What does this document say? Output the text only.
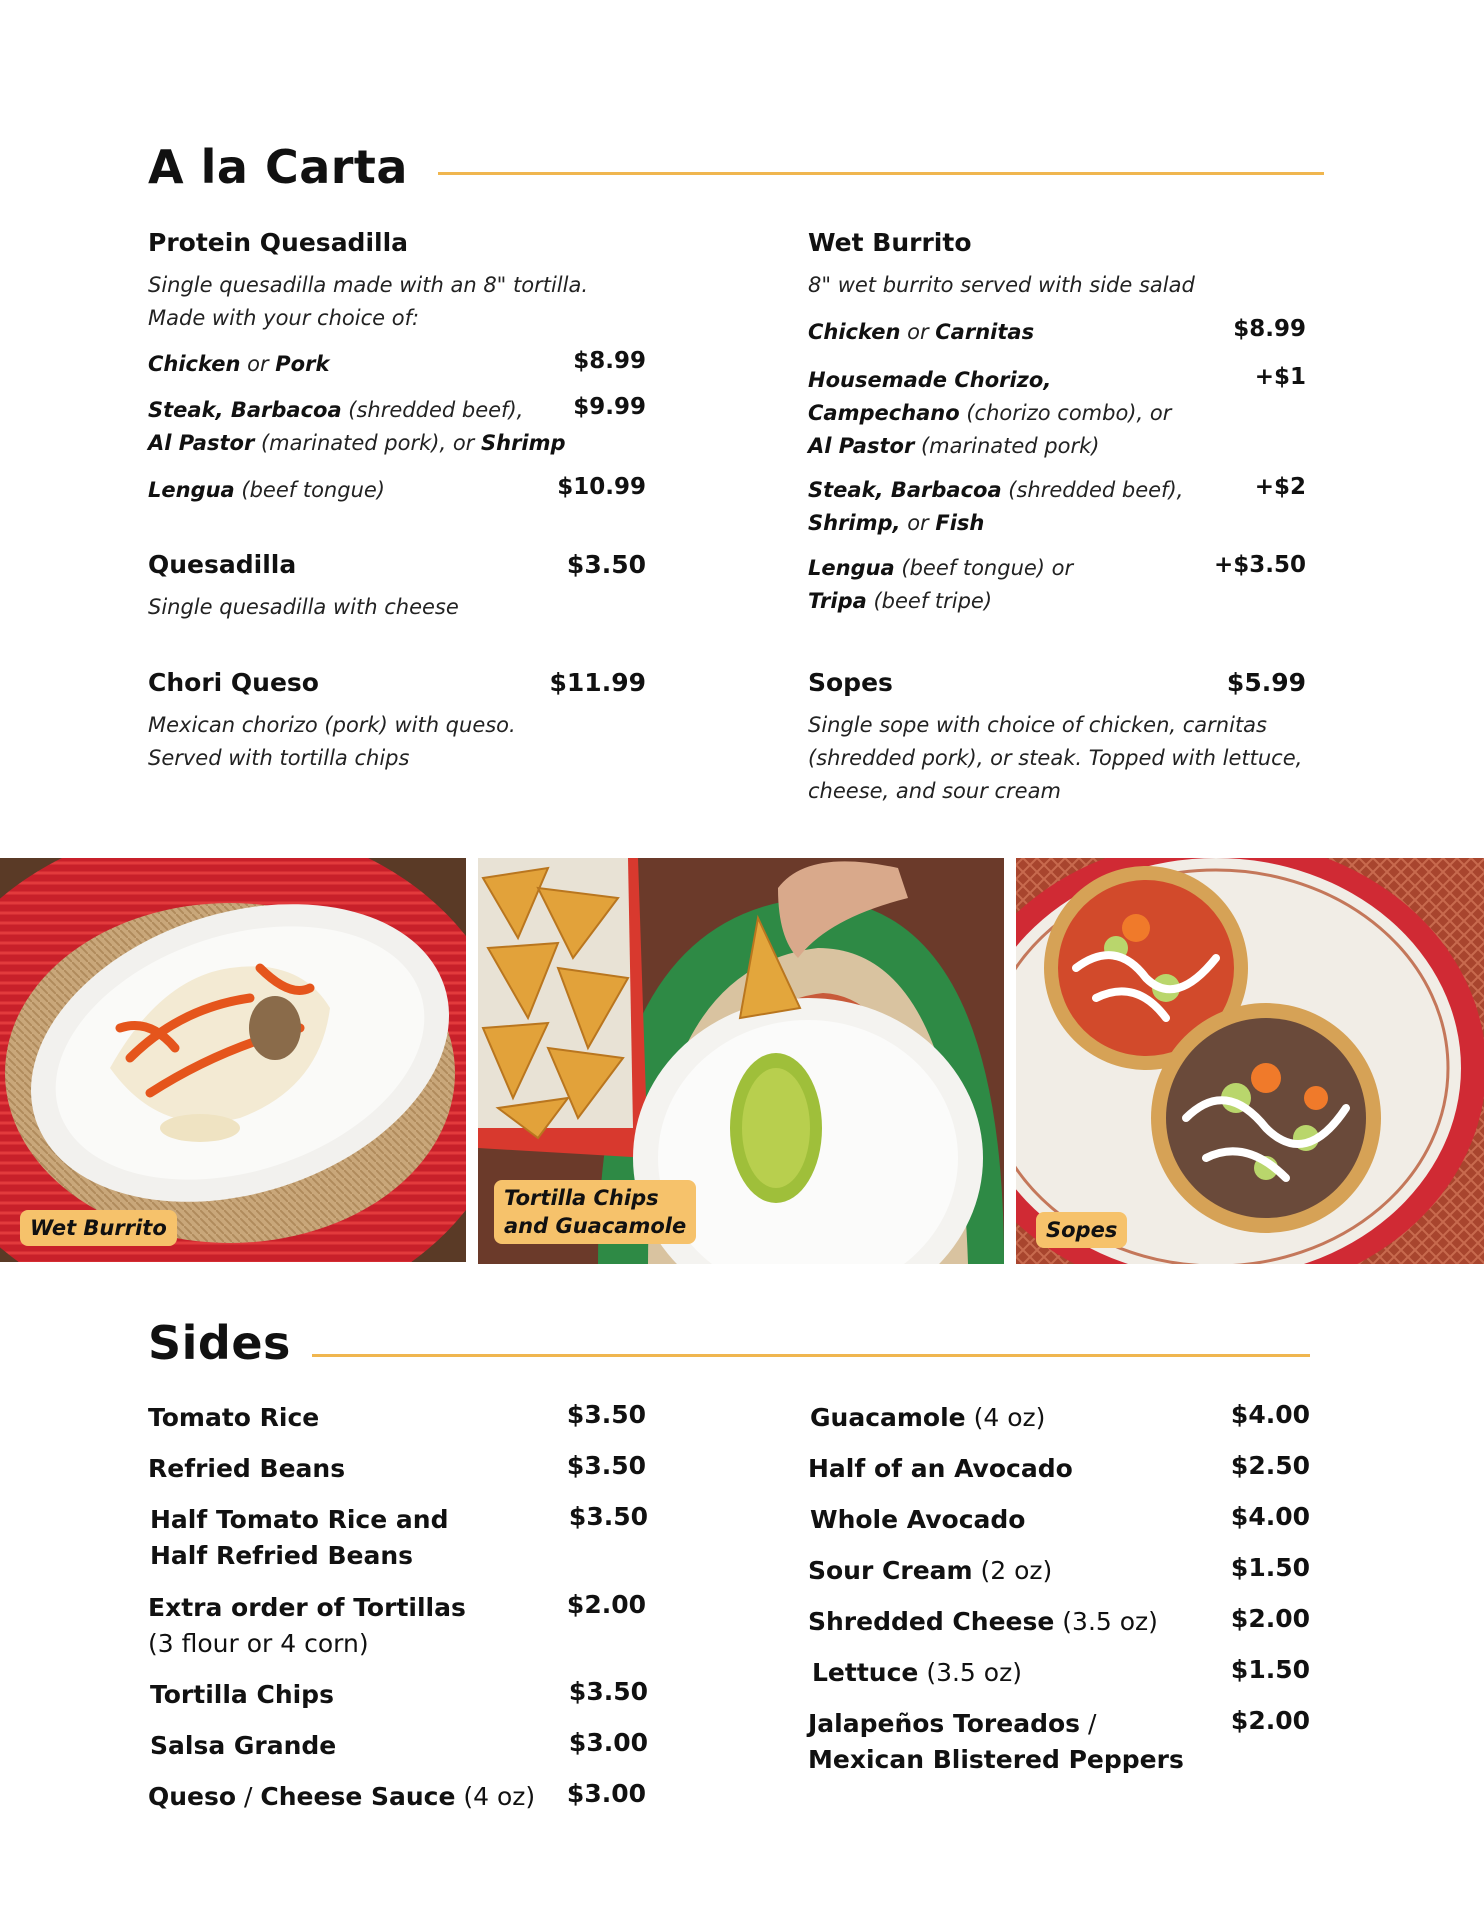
A la Carta
Protein Quesadilla
Single quesadilla made with an 8" tortilla.
Made with your choice of:
Chicken or Pork	$8.99
Steak, Barbacoa (shredded beef),
Al Pastor (marinated pork), or Shrimp
$9.99
Lengua (beef tongue)	$10.99
Quesadilla	$3.50
Single quesadilla with cheese
Chori Queso	$11.99
Mexican chorizo (pork) with queso.
Served with tortilla chips
Wet Burrito
8" wet burrito served with side salad
Chicken or Carnitas	$8.99
Housemade Chorizo,
Campechano (chorizo combo), or
Al Pastor (marinated pork)
+$1
Steak, Barbacoa (shredded beef),
Shrimp, or Fish
+$2
Lengua (beef tongue) or
Tripa (beef tripe)
+$3.50
Sopes	$5.99
Single sope with choice of chicken, carnitas
(shredded pork), or steak. Topped with lettuce,
cheese, and sour cream
Wet Burrito
Tortilla Chips
and Guacamole	Sopes
Sides
Tomato Rice	$3.50
Refried Beans	$3.50
Half Tomato Rice and
Half Refried Beans
$3.50
Extra order of Tortillas
(3 flour or 4 corn)
$2.00
Tortilla Chips	$3.50
Salsa Grande	$3.00
Queso / Cheese Sauce (4 oz)	$3.00
Guacamole (4 oz)	$4.00
Half of an Avocado	$2.50
Whole Avocado	$4.00
Sour Cream (2 oz)	$1.50
Shredded Cheese (3.5 oz)	$2.00
Lettuce (3.5 oz)	$1.50
Jalapeños Toreados /
Mexican Blistered Peppers
$2.00
